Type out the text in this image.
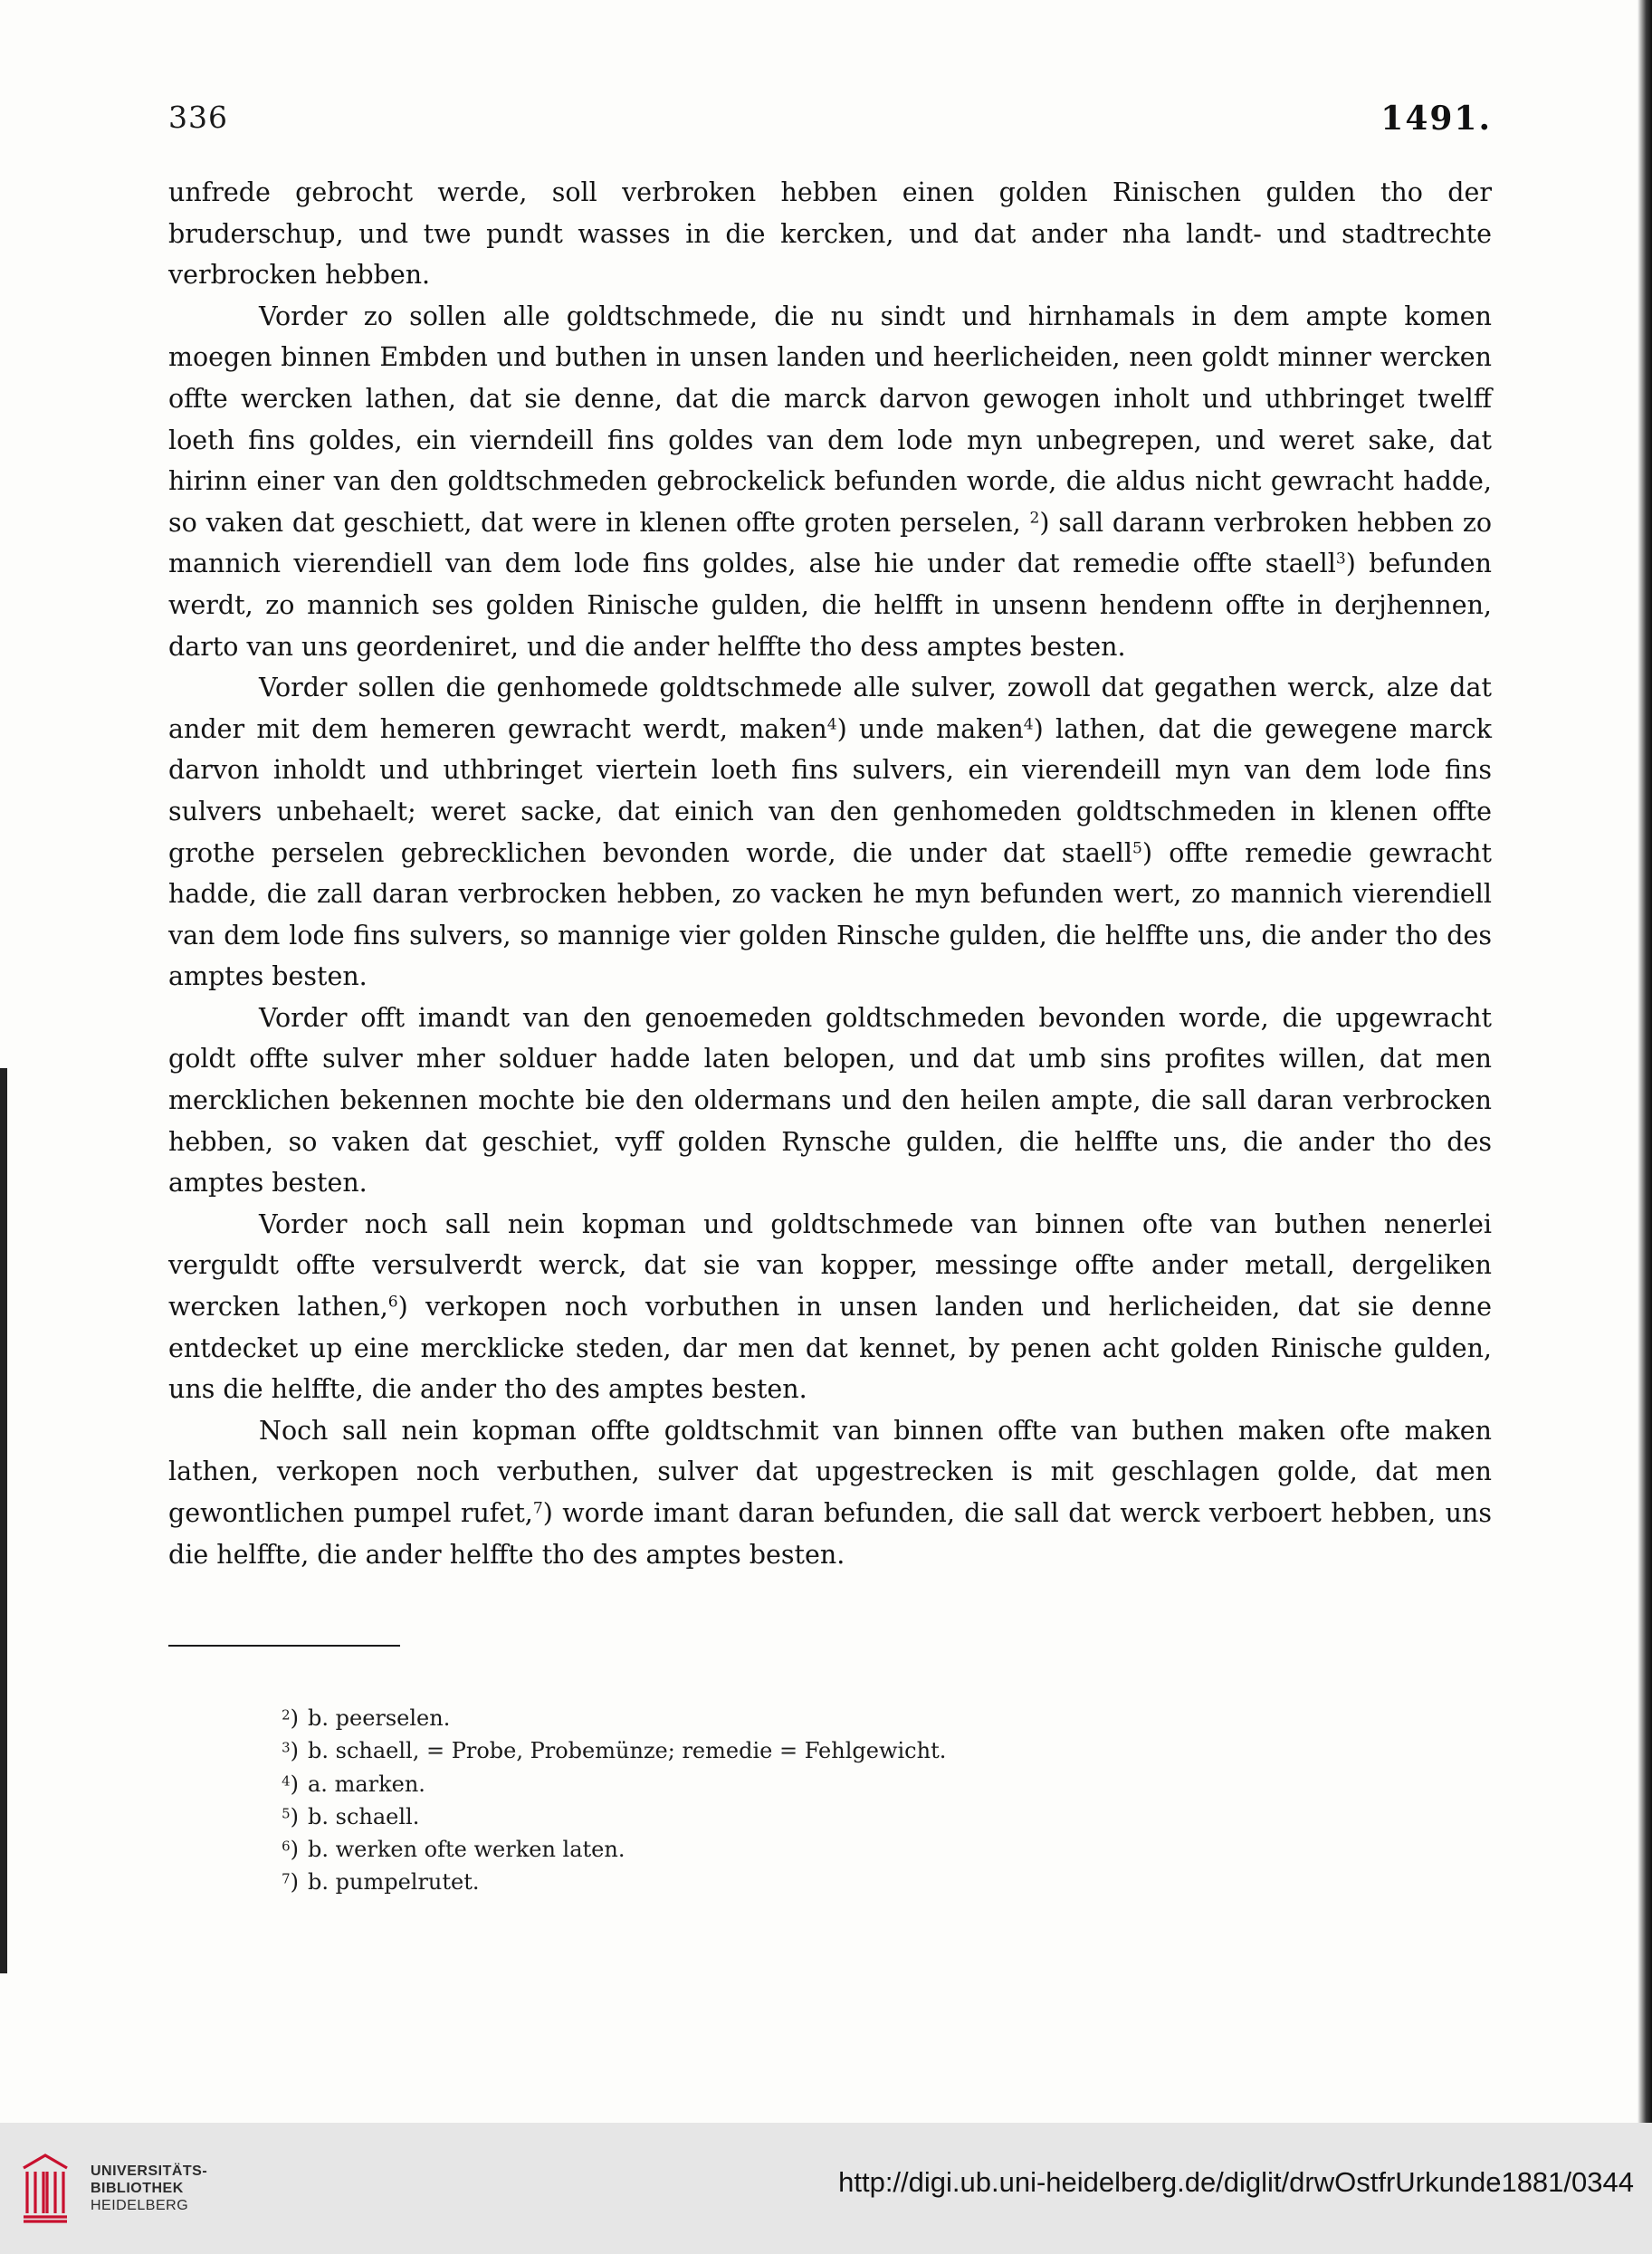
336	1491.

unfrede gebrocht werde, soll verbroken hebben einen golden Rinischen gulden tho der bruderschup, und twe pundt wasses in die kercken, und dat ander nha landt- und stadtrechte verbrocken hebben.

Vorder zo sollen alle goldtschmede, die nu sindt und hirnhamals in dem ampte komen moegen binnen Embden und buthen in unsen landen und heerlicheiden, neen goldt minner wercken offte wercken lathen, dat sie denne, dat die marck darvon gewogen inholt und uthbringet twelff loeth fins goldes, ein vierndeill fins goldes van dem lode myn unbegrepen, und weret sake, dat hirinn einer van den goldtschmeden gebrockelick befunden worde, die aldus nicht gewracht hadde, so vaken dat geschiett, dat were in klenen offte groten perselen, $^2$) sall darann verbroken hebben zo mannich vierendiell van dem lode fins goldes, alse hie under dat remedie offte staell$^3$) befunden werdt, zo mannich ses golden Rinische gulden, die helfft in unsenn hendenn offte in derjhennen, darto van uns geordeniret, und die ander helffte tho dess amptes besten.

Vorder sollen die genhomede goldtschmede alle sulver, zowoll dat gegathen werck, alze dat ander mit dem hemeren gewracht werdt, maken$^4$) unde maken$^4$) lathen, dat die gewegene marck darvon inholdt und uthbringet viertein loeth fins sulvers, ein vierendeill myn van dem lode fins sulvers unbehaelt; weret sacke, dat einich van den genhomeden goldtschmeden in klenen offte grothe perselen gebrecklichen bevonden worde, die under dat staell$^5$) offte remedie gewracht hadde, die zall daran verbrocken hebben, zo vacken he myn befunden wert, zo mannich vierendiell van dem lode fins sulvers, so mannige vier golden Rinsche gulden, die helffte uns, die ander tho des amptes besten.

Vorder offt imandt van den genoemeden goldtschmeden bevonden worde, die upgewracht goldt offte sulver mher solduer hadde laten belopen, und dat umb sins profites willen, dat men mercklichen bekennen mochte bie den oldermans und den heilen ampte, die sall daran verbrocken hebben, so vaken dat geschiet, vyff golden Rynsche gulden, die helffte uns, die ander tho des amptes besten.

Vorder noch sall nein kopman und goldtschmede van binnen ofte van buthen nenerlei verguldt offte versulverdt werck, dat sie van kopper, messinge offte ander metall, dergeliken wercken lathen,$^6$) verkopen noch vorbuthen in unsen landen und herlicheiden, dat sie denne entdecket up eine mercklicke steden, dar men dat kennet, by penen acht golden Rinische gulden, uns die helffte, die ander tho des amptes besten.

Noch sall nein kopman offte goldtschmit van binnen offte van buthen maken ofte maken lathen, verkopen noch verbuthen, sulver dat upgestrecken is mit geschlagen golde, dat men gewontlichen pumpel rufet,$^7$) worde imant daran befunden, die sall dat werck verboert hebben, uns die helffte, die ander helffte tho des amptes besten.

$^2$) b. peerselen.
$^3$) b. schaell, = Probe, Probemünze; remedie = Fehlgewicht.
$^4$) a. marken.
$^5$) b. schaell.
$^6$) b. werken ofte werken laten.
$^7$) b. pumpelrutet.
UNIVERSITÄTS-
BIBLIOTHEK
HEIDELBERG
http://digi.ub.uni-heidelberg.de/diglit/drwOstfrUrkunde1881/0344
